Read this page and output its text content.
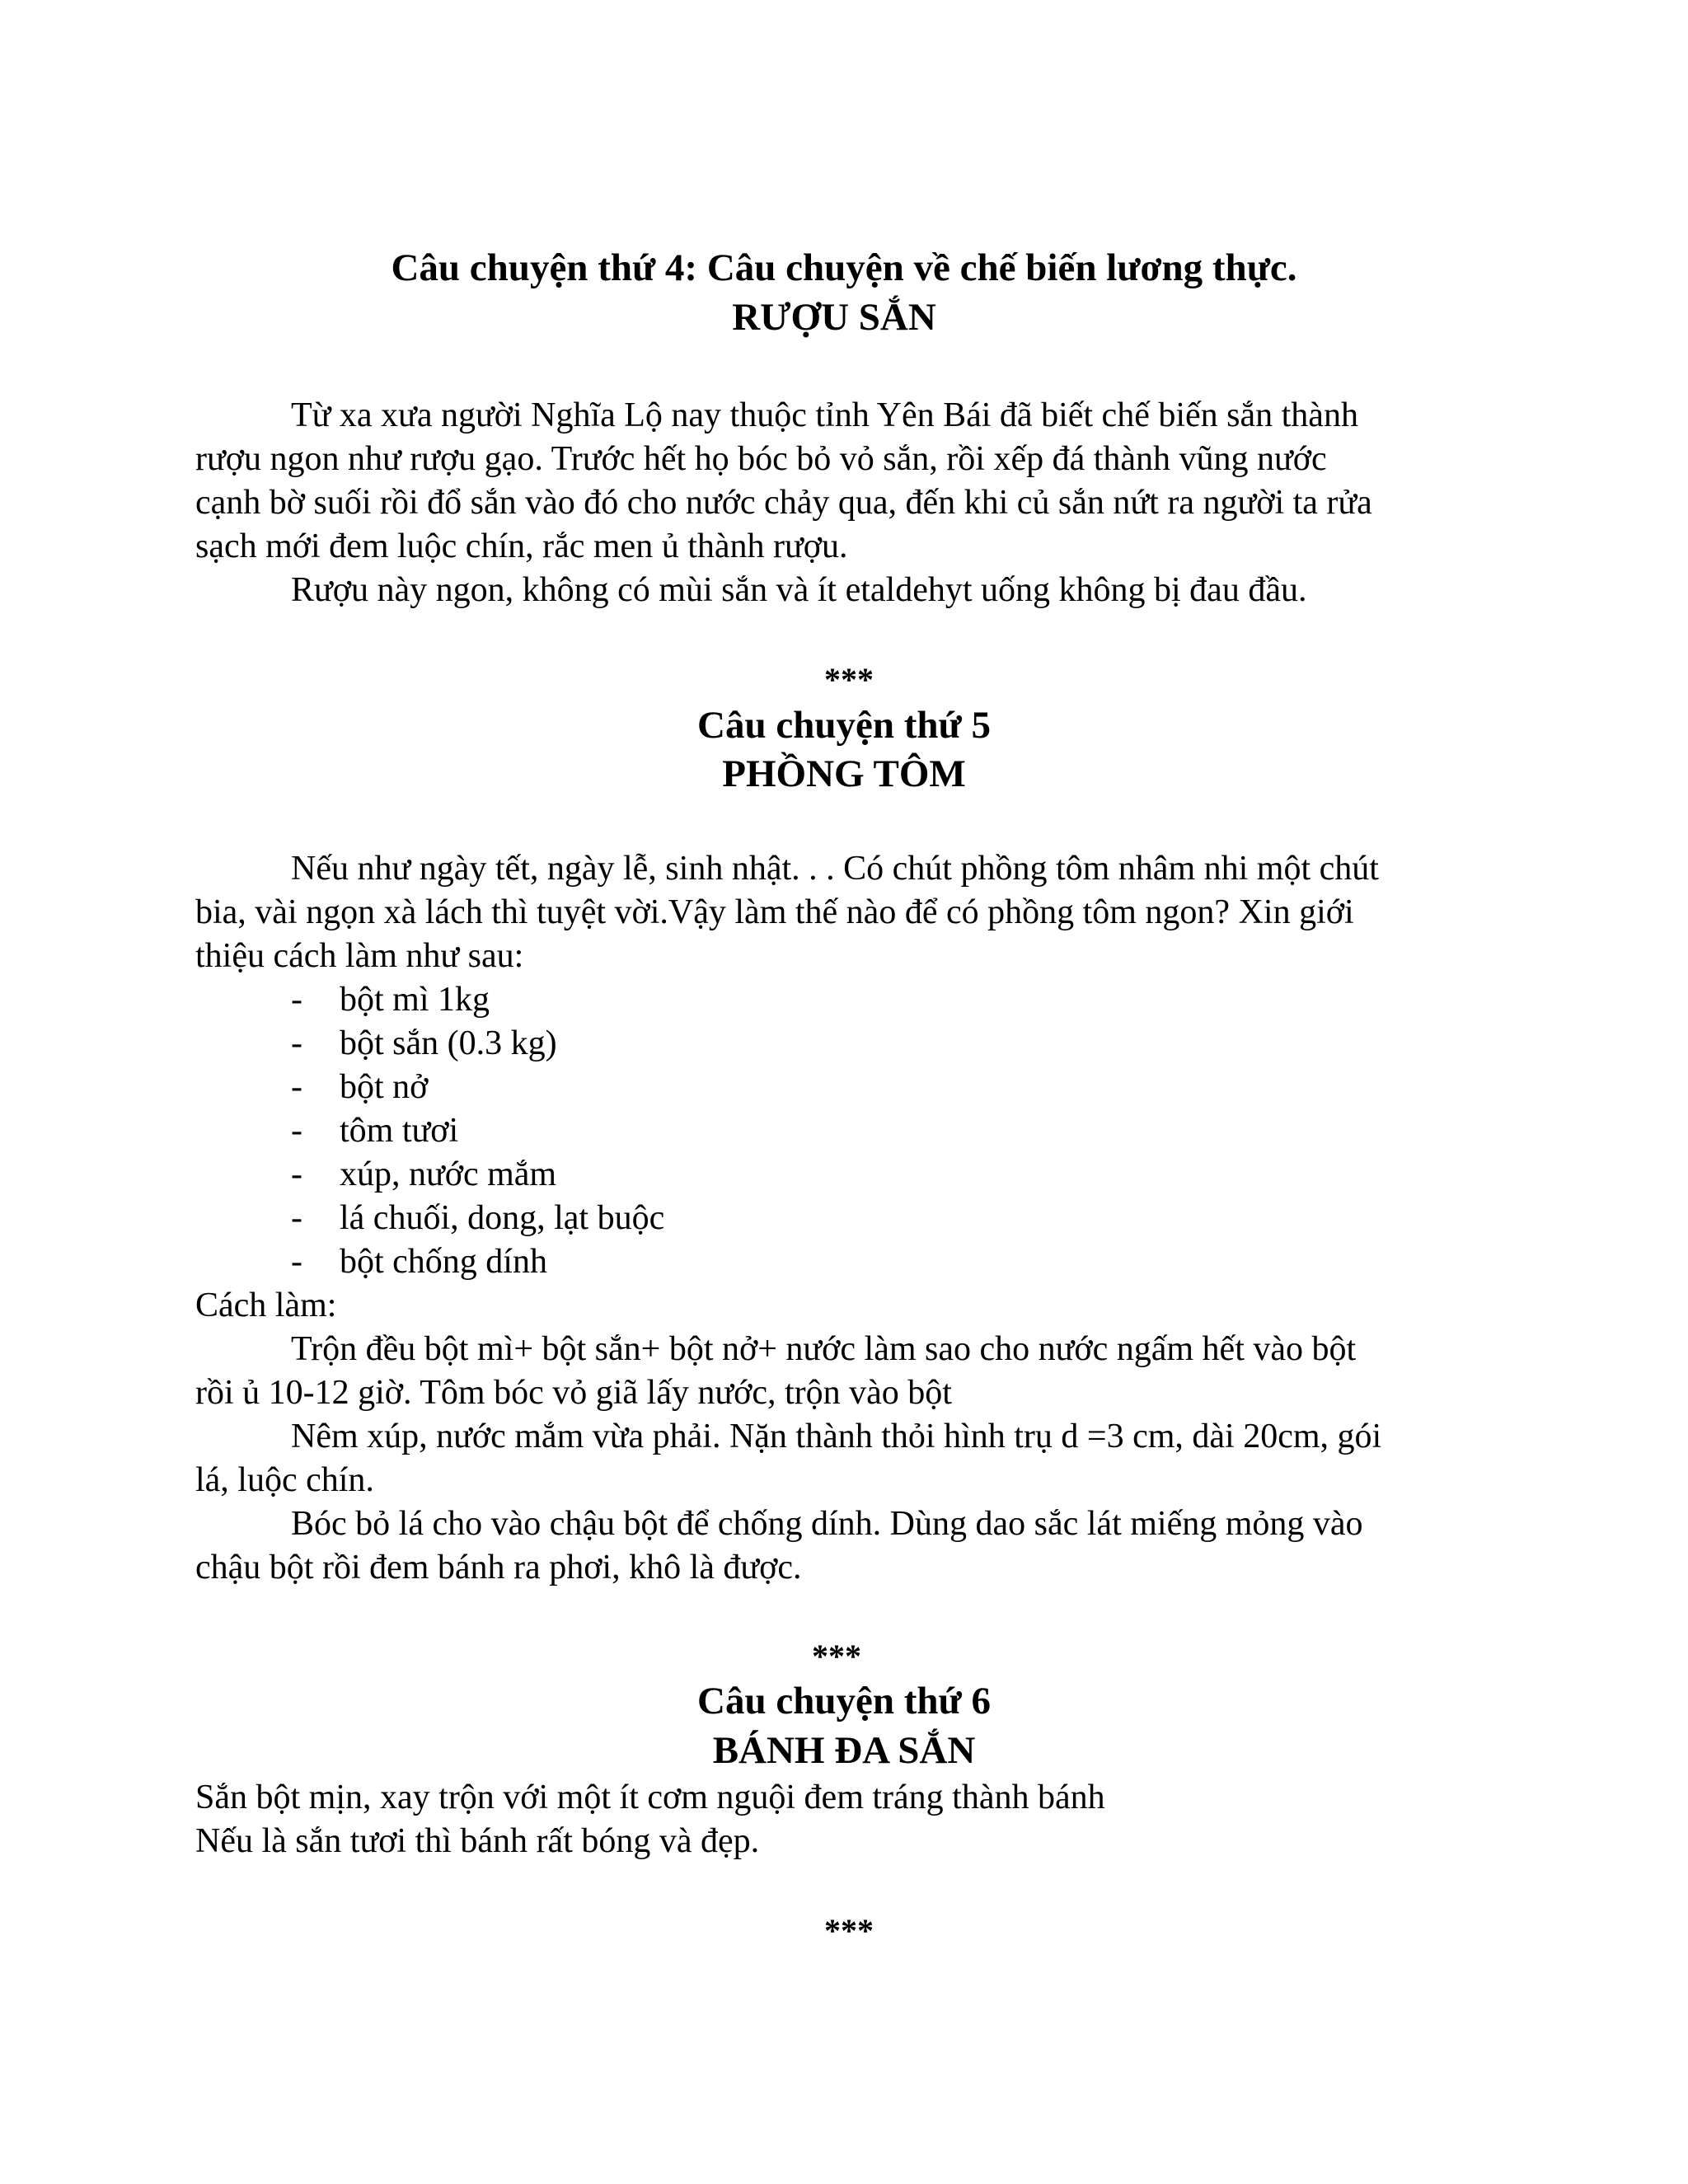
Câu chuyện thứ 4: Câu chuyện về chế biến lương thực.
RƯỢU SẮN
Từ xa xưa người Nghĩa Lộ nay thuộc tỉnh Yên Bái đã biết chế biến sắn thành
rượu ngon như rượu gạo. Trước hết họ bóc bỏ vỏ sắn, rồi xếp đá thành vũng nước
cạnh bờ suối rồi đổ sắn vào đó cho nước chảy qua, đến khi củ sắn nứt ra người ta rửa
sạch mới đem luộc chín, rắc men ủ thành rượu.
Rượu này ngon, không có mùi sắn và ít etaldehyt uống không bị đau đầu.
***
Câu chuyện thứ 5
PHỒNG TÔM
Nếu như ngày tết, ngày lễ, sinh nhật. . . Có chút phồng tôm nhâm nhi một chút
bia, vài ngọn xà lách thì tuyệt vời.Vậy làm thế nào để có phồng tôm ngon? Xin giới
thiệu cách làm như sau:
- bột mì 1kg
- bột sắn (0.3 kg)
- bột nở
- tôm tươi
- xúp, nước mắm
- lá chuối, dong, lạt buộc
- bột chống dính
Cách làm:
Trộn đều bột mì+ bột sắn+ bột nở+ nước làm sao cho nước ngấm hết vào bột
rồi ủ 10-12 giờ. Tôm bóc vỏ giã lấy nước, trộn vào bột
Nêm xúp, nước mắm vừa phải. Nặn thành thỏi hình trụ d =3 cm, dài 20cm, gói
lá, luộc chín.
Bóc bỏ lá cho vào chậu bột để chống dính. Dùng dao sắc lát miếng mỏng vào
chậu bột rồi đem bánh ra phơi, khô là được.
***
Câu chuyện thứ 6
BÁNH ĐA SẮN
Sắn bột mịn, xay trộn với một ít cơm nguội đem tráng thành bánh
Nếu là sắn tươi thì bánh rất bóng và đẹp.
***
